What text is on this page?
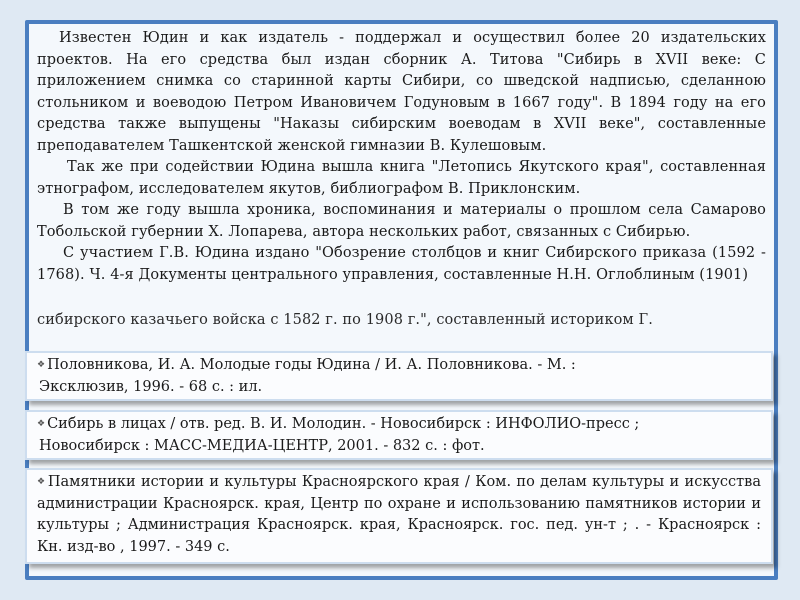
Известен Юдин и как издатель - поддержал и осуществил более 20 издательских проектов. На его средства был издан сборник А. Титова "Сибирь в XVII веке: С приложением снимка со старинной карты Сибири, со шведской надписью, сделанною стольником и воеводою Петром Ивановичем Годуновым в 1667 году". В 1894 году на его средства также выпущены "Наказы сибирским воеводам в XVII веке", составленные преподавателем Ташкентской женской гимназии В. Кулешовым.

Так же при содействии Юдина вышла книга "Летопись Якутского края", составленная этнографом, исследователем якутов, библиографом В. Приклонским.

В том же году вышла хроника, воспоминания и материалы о прошлом села Самарово Тобольской губернии Х. Лопарева, автора нескольких работ, связанных с Сибирью.

С участием Г.В. Юдина издано "Обозрение столбцов и книг Сибирского приказа (1592 - 1768). Ч. 4-я Документы центрального управления, составленные Н.Н. Оглоблиным (1901)

сибирского казачьего войска с 1582 г. по 1908 г.", составленный историком Г.

❖ Половникова, И. А. Молодые годы Юдина / И. А. Половникова. - М. :
Эксклюзив, 1996. - 68 с. : ил.
❖ Сибирь в лицах / отв. ред. В. И. Молодин. - Новосибирск : ИНФОЛИО-пресс ;
Новосибирск : МАСС-МЕДИА-ЦЕНТР, 2001. - 832 с. : фот.
❖ Памятники истории и культуры Красноярского края / Ком. по делам культуры и искусства администрации Красноярск. края, Центр по охране и использованию памятников истории и культуры ; Администрация Красноярск. края, Красноярск. гос. пед. ун-т ; . - Красноярск : Кн. изд-во , 1997. - 349 с.
